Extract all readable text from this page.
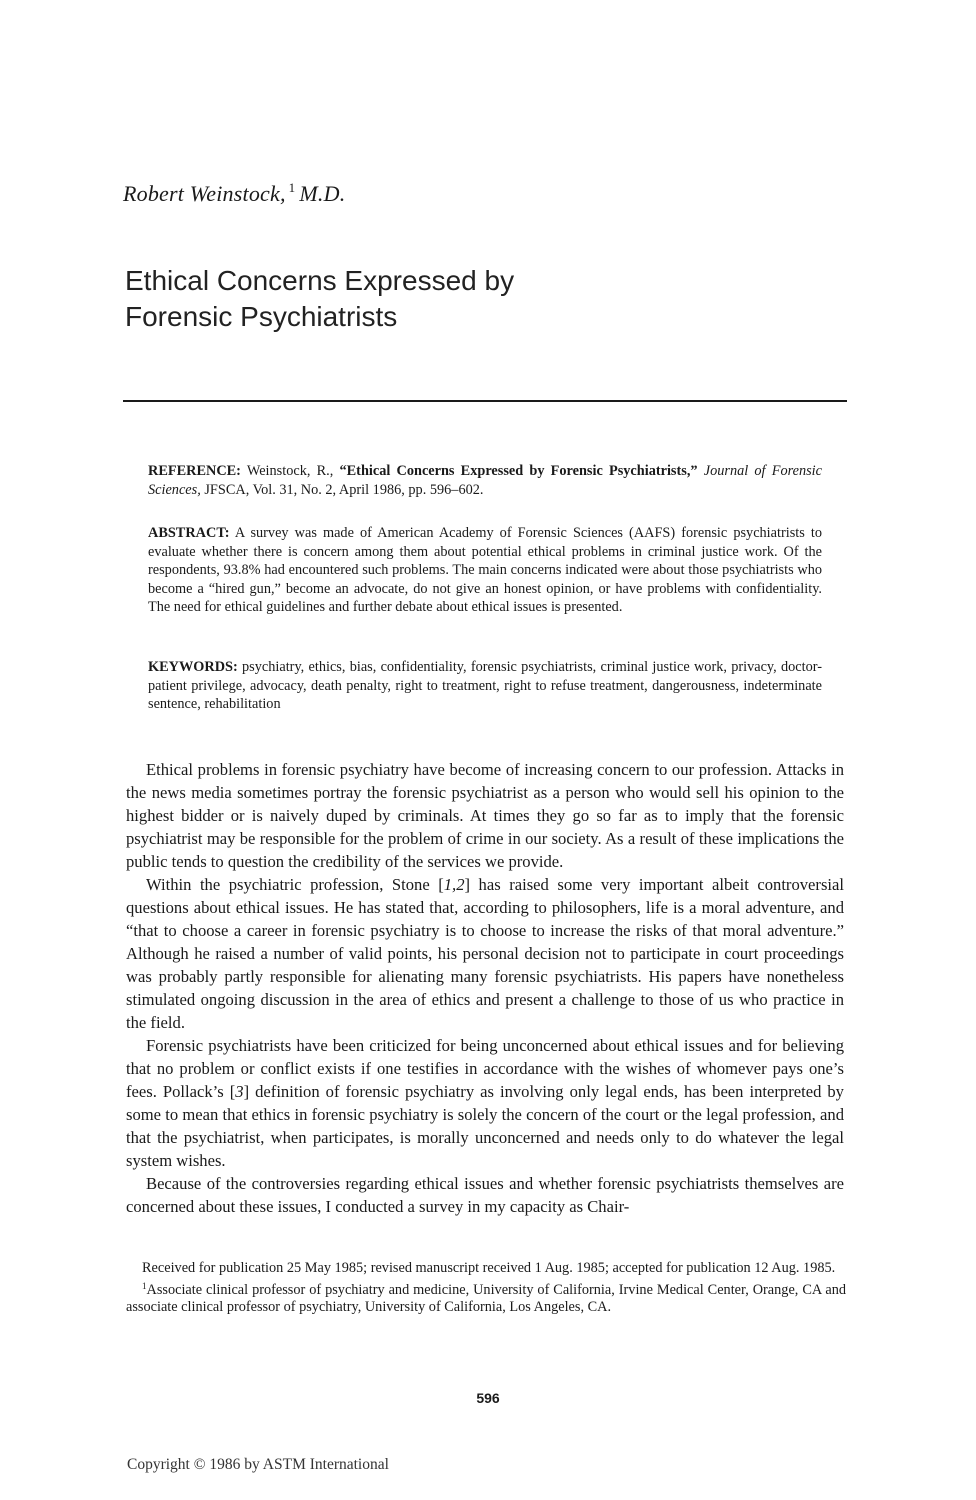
Robert Weinstock, $^1$ M.D.
Ethical Concerns Expressed by
Forensic Psychiatrists
REFERENCE: Weinstock, R., “Ethical Concerns Expressed by Forensic Psychiatrists,” Journal of Forensic Sciences, JFSCA, Vol. 31, No. 2, April 1986, pp. 596–602.
ABSTRACT: A survey was made of American Academy of Forensic Sciences (AAFS) forensic psychiatrists to evaluate whether there is concern among them about potential ethical problems in criminal justice work. Of the respondents, 93.8% had encountered such problems. The main concerns indicated were about those psychiatrists who become a “hired gun,” become an advocate, do not give an honest opinion, or have problems with confidentiality. The need for ethical guidelines and further debate about ethical issues is presented.
KEYWORDS: psychiatry, ethics, bias, confidentiality, forensic psychiatrists, criminal justice work, privacy, doctor-patient privilege, advocacy, death penalty, right to treatment, right to refuse treatment, dangerousness, indeterminate sentence, rehabilitation

Ethical problems in forensic psychiatry have become of increasing concern to our profession. Attacks in the news media sometimes portray the forensic psychiatrist as a person who would sell his opinion to the highest bidder or is naively duped by criminals. At times they go so far as to imply that the forensic psychiatrist may be responsible for the problem of crime in our society. As a result of these implications the public tends to question the credibility of the services we provide.

Within the psychiatric profession, Stone [1,2] has raised some very important albeit controversial questions about ethical issues. He has stated that, according to philosophers, life is a moral adventure, and “that to choose a career in forensic psychiatry is to choose to increase the risks of that moral adventure.” Although he raised a number of valid points, his personal decision not to participate in court proceedings was probably partly responsible for alienating many forensic psychiatrists. His papers have nonetheless stimulated ongoing discussion in the area of ethics and present a challenge to those of us who practice in the field.

Forensic psychiatrists have been criticized for being unconcerned about ethical issues and for believing that no problem or conflict exists if one testifies in accordance with the wishes of whomever pays one’s fees. Pollack’s [3] definition of forensic psychiatry as involving only legal ends, has been interpreted by some to mean that ethics in forensic psychiatry is solely the concern of the court or the legal profession, and that the psychiatrist, when participates, is morally unconcerned and needs only to do whatever the legal system wishes.

Because of the controversies regarding ethical issues and whether forensic psychiatrists themselves are concerned about these issues, I conducted a survey in my capacity as Chair-

Received for publication 25 May 1985; revised manuscript received 1 Aug. 1985; accepted for publication 12 Aug. 1985.

$^1$Associate clinical professor of psychiatry and medicine, University of California, Irvine Medical Center, Orange, CA and associate clinical professor of psychiatry, University of California, Los Angeles, CA.

596
Copyright © 1986 by ASTM International
